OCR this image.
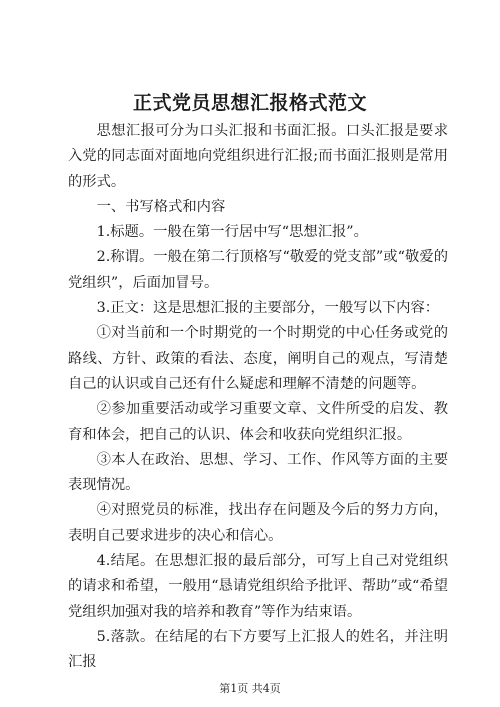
正式党员思想汇报格式范文

思想汇报可分为口头汇报和书面汇报。口头汇报是要求入党的同志面对面地向党组织进行汇报;而书面汇报则是常用的形式。

一、书写格式和内容

1.标题。一般在第一行居中写“思想汇报”。

2.称谓。一般在第二行顶格写“敬爱的党支部”或“敬爱的党组织”，后面加冒号。

3.正文：这是思想汇报的主要部分，一般写以下内容：

①对当前和一个时期党的一个时期党的中心任务或党的路线、方针、政策的看法、态度，阐明自己的观点，写清楚自己的认识或自己还有什么疑虑和理解不清楚的问题等。

②参加重要活动或学习重要文章、文件所受的启发、教育和体会，把自己的认识、体会和收获向党组织汇报。

③本人在政治、思想、学习、工作、作风等方面的主要表现情况。

④对照党员的标准，找出存在问题及今后的努力方向，表明自己要求进步的决心和信心。

4.结尾。在思想汇报的最后部分，可写上自己对党组织的请求和希望，一般用“恳请党组织给予批评、帮助”或“希望党组织加强对我的培养和教育”等作为结束语。

5.落款。在结尾的右下方要写上汇报人的姓名，并注明汇报

第1页 共4页
